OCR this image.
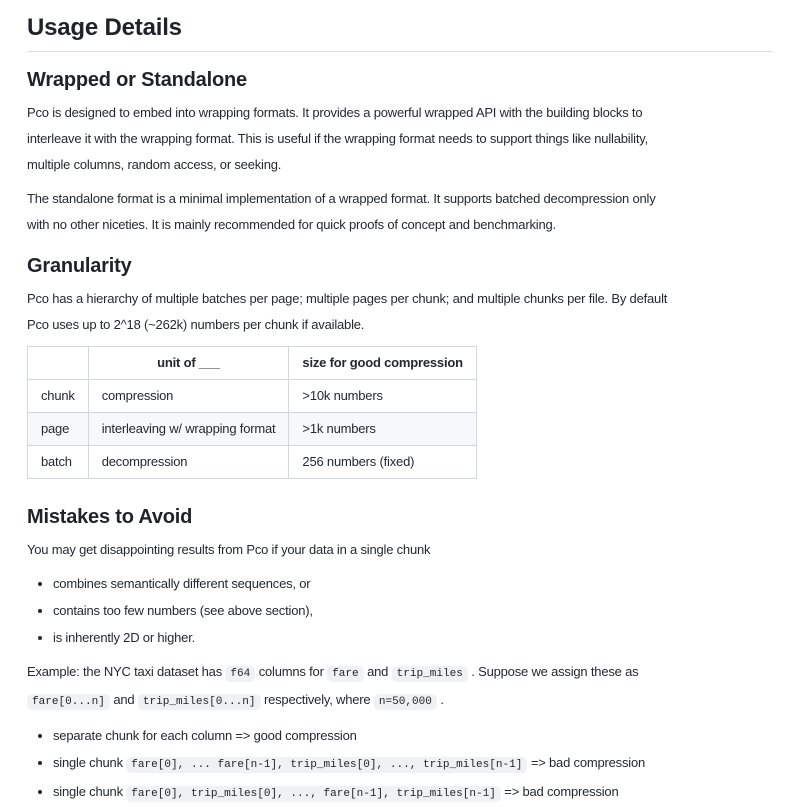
Usage Details
Wrapped or Standalone

Pco is designed to embed into wrapping formats. It provides a powerful wrapped API with the building blocks to
interleave it with the wrapping format. This is useful if the wrapping format needs to support things like nullability,
multiple columns, random access, or seeking.

The standalone format is a minimal implementation of a wrapped format. It supports batched decompression only
with no other niceties. It is mainly recommended for quick proofs of concept and benchmarking.

Granularity

Pco has a hierarchy of multiple batches per page; multiple pages per chunk; and multiple chunks per file. By default
Pco uses up to 2^18 (~262k) numbers per chunk if available.

	unit of ___	size for good compression
chunk	compression	>10k numbers
page	interleaving w/ wrapping format	>1k numbers
batch	decompression	256 numbers (fixed)
Mistakes to Avoid

You may get disappointing results from Pco if your data in a single chunk

• combines semantically different sequences, or
• contains too few numbers (see above section),
• is inherently 2D or higher.

Example: the NYC taxi dataset has f64 columns for fare and trip_miles . Suppose we assign these as
fare[0...n] and trip_miles[0...n] respectively, where n=50,000 .

• separate chunk for each column => good compression
• single chunk fare[0], ... fare[n-1], trip_miles[0], ..., trip_miles[n-1] => bad compression
• single chunk fare[0], trip_miles[0], ..., fare[n-1], trip_miles[n-1] => bad compression
